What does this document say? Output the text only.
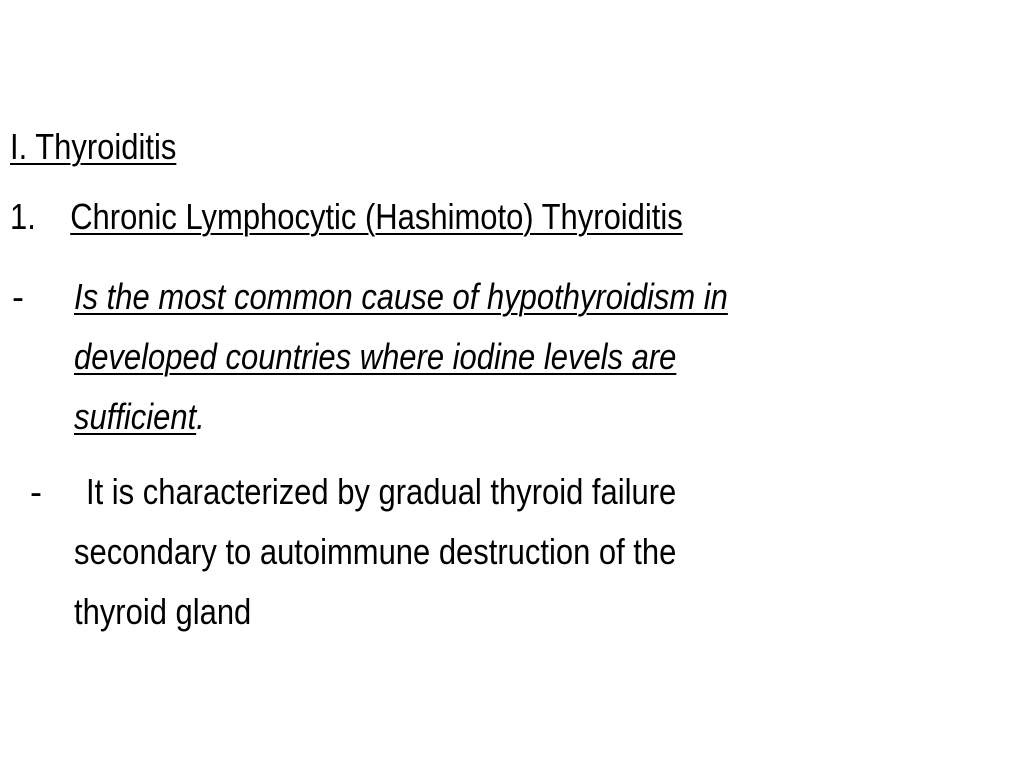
I. Thyroiditis
1. Chronic Lymphocytic (Hashimoto) Thyroiditis
- Is the most common cause of hypothyroidism in
developed countries where iodine levels are
sufficient.
- It is characterized by gradual thyroid failure
secondary to autoimmune destruction of the
thyroid gland
